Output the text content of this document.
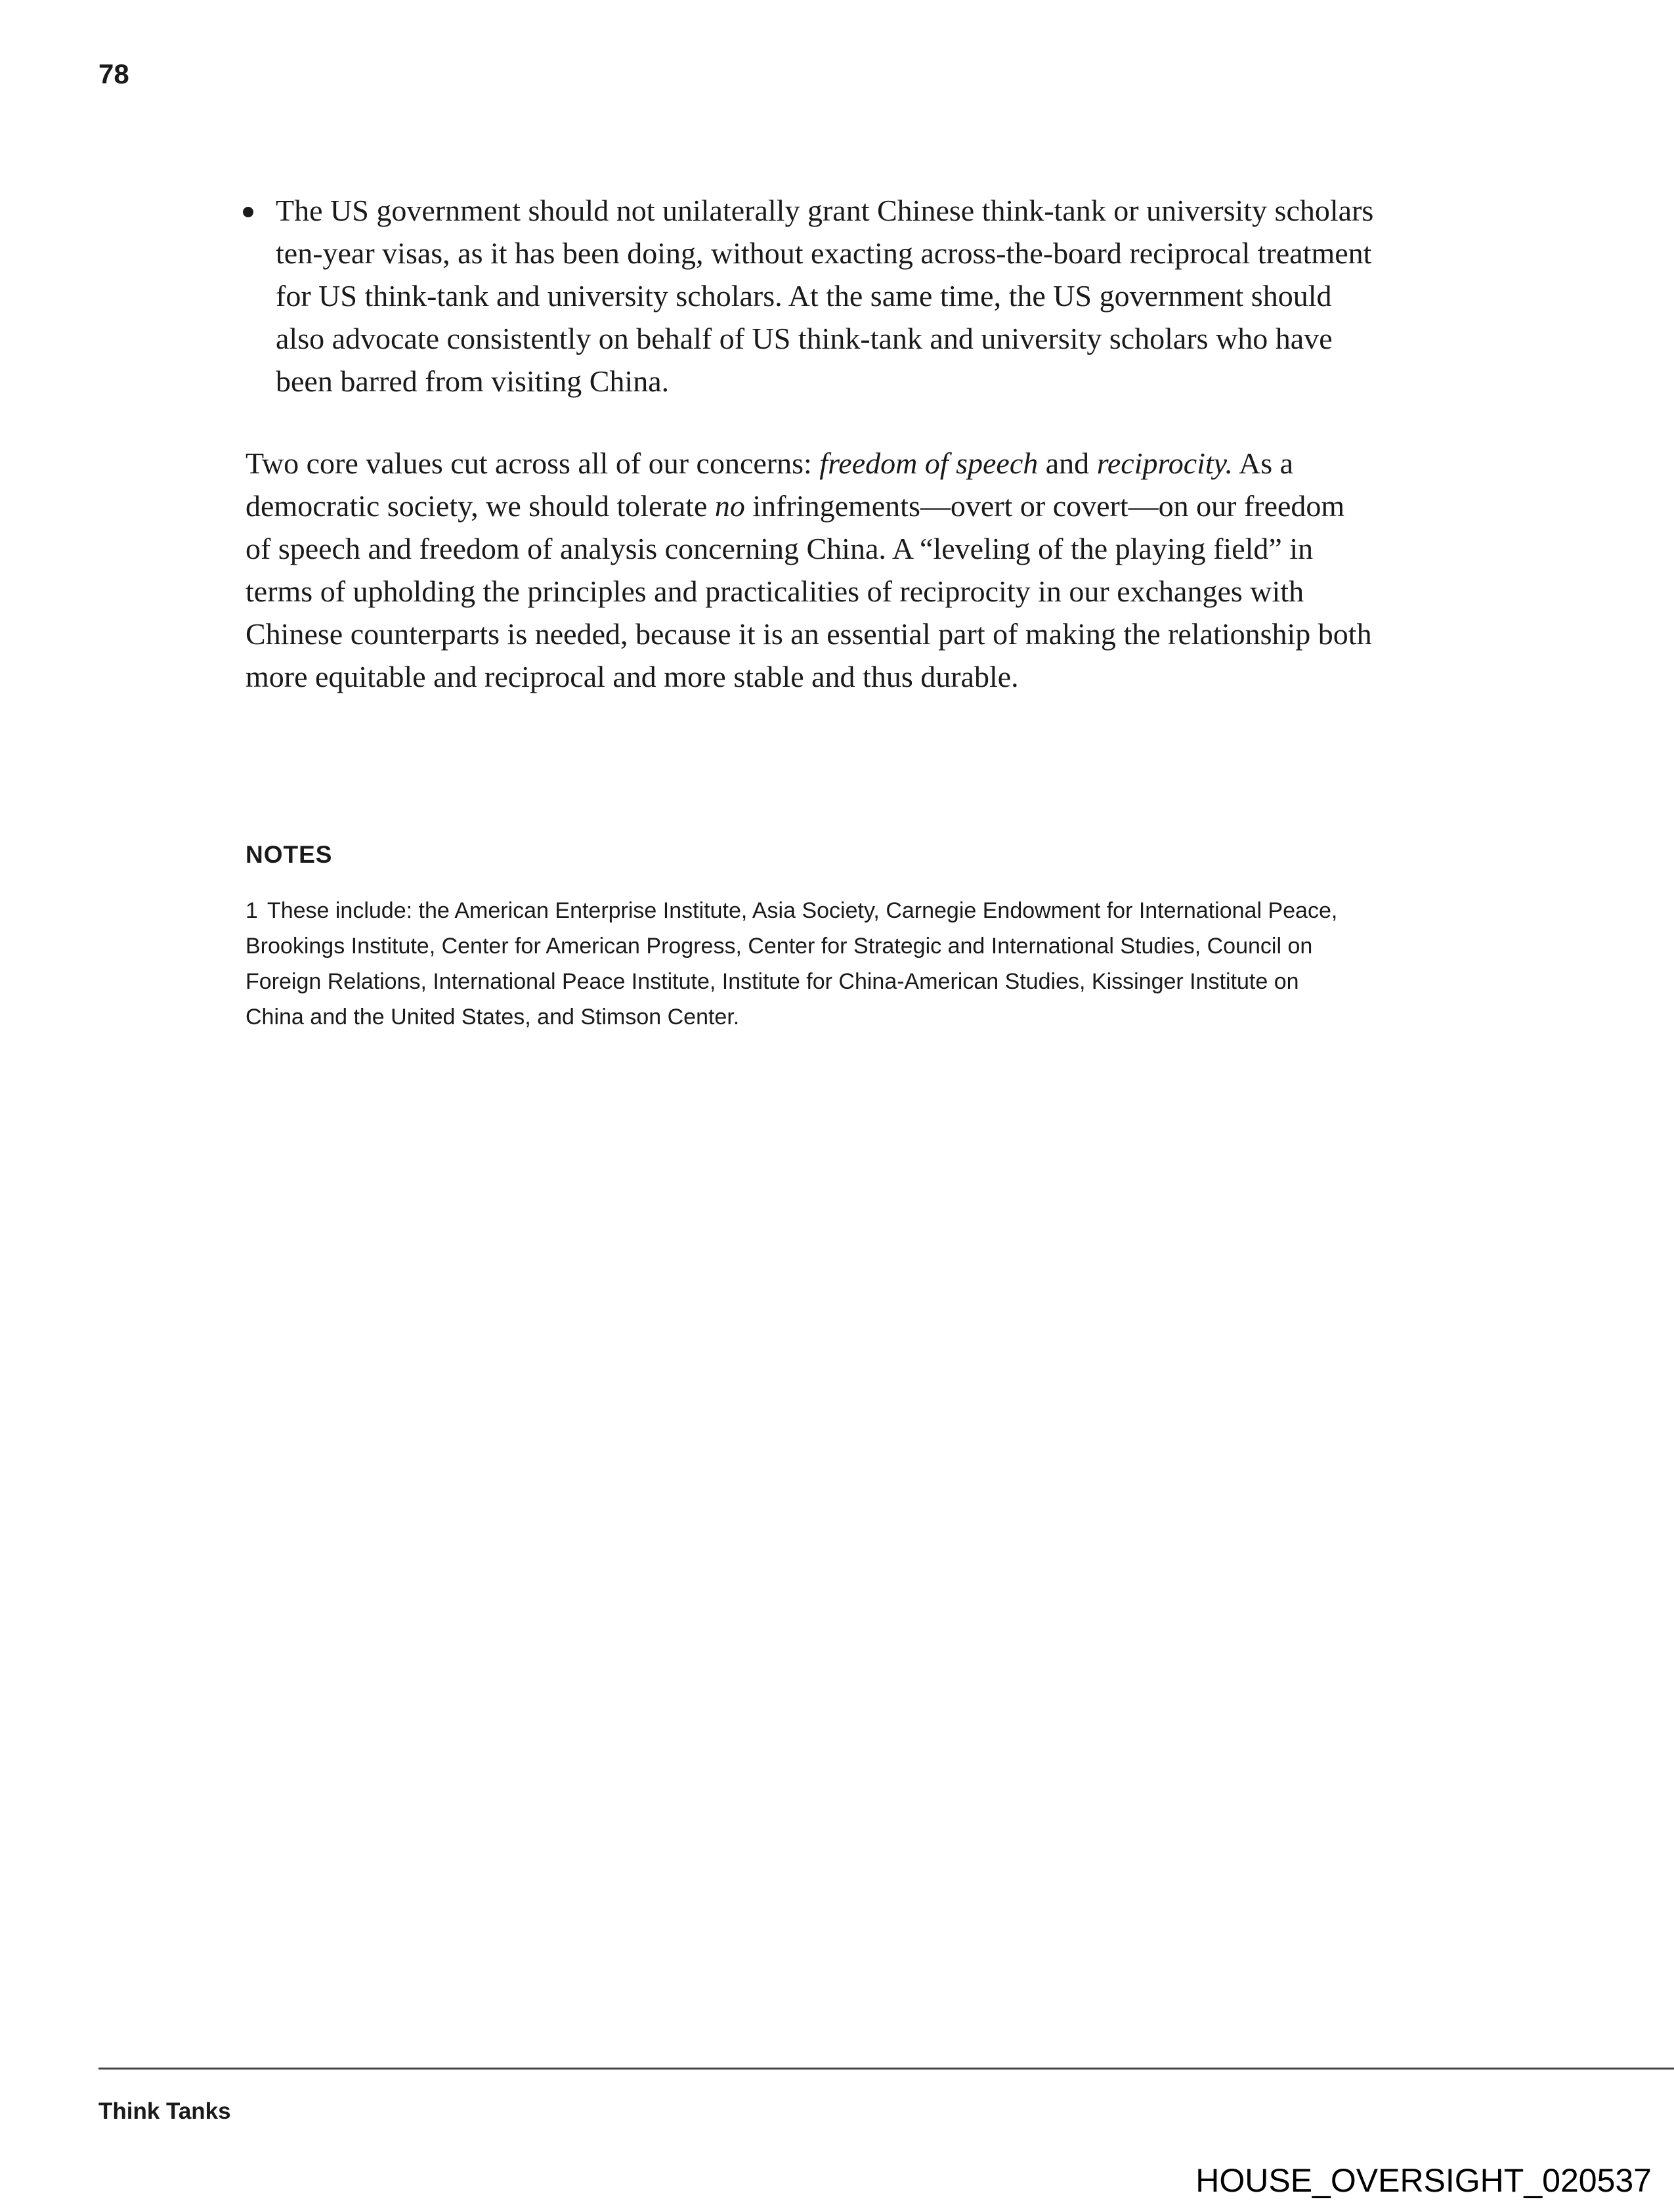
78
The US government should not unilaterally grant Chinese think-tank or university scholars ten-year visas, as it has been doing, without exacting across-the-board reciprocal treatment for US think-tank and university scholars. At the same time, the US government should also advocate consistently on behalf of US think-tank and university scholars who have been barred from visiting China.

Two core values cut across all of our concerns: freedom of speech and reciprocity. As a democratic society, we should tolerate no infringements—overt or covert—on our freedom of speech and freedom of analysis concerning China. A “leveling of the playing field” in terms of upholding the principles and practicalities of reciprocity in our exchanges with Chinese counterparts is needed, because it is an essential part of making the relationship both more equitable and reciprocal and more stable and thus durable.

NOTES

1 These include: the American Enterprise Institute, Asia Society, Carnegie Endowment for International Peace, Brookings Institute, Center for American Progress, Center for Strategic and International Studies, Council on Foreign Relations, International Peace Institute, Institute for China-American Studies, Kissinger Institute on China and the United States, and Stimson Center.

Think Tanks
HOUSE_OVERSIGHT_020537
